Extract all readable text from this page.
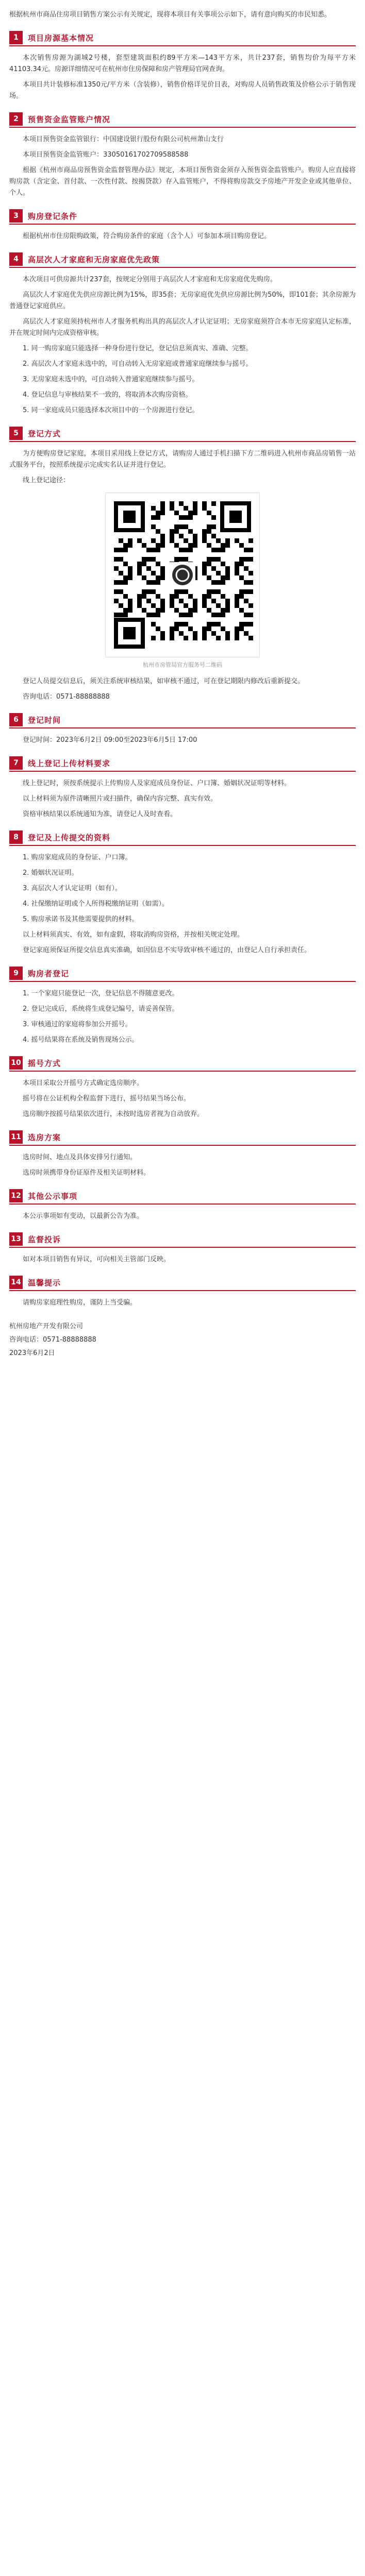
根据杭州市商品住房项目销售方案公示有关规定，现将本项目有关事项公示如下，请有意向购买的市民知悉。

1	项目房源基本情况

本次销售房源为湖城2号楼，套型建筑面积约89平方米—143平方米，共计237套，销售均价为每平方米41103.34元。房源详细情况可在杭州市住房保障和房产管理局官网查询。

本项目共计装修标准1350元/平方米（含装修），销售价格详见价目表，对购房人员销售政策及价格公示于销售现场。

2	预售资金监管账户情况

本项目预售资金监管银行：中国建设银行股份有限公司杭州萧山支行

本项目预售资金监管账户：33050161702709588588

根据《杭州市商品房预售资金监督管理办法》规定，本项目预售资金须存入预售资金监管账户。购房人应直接将购房款（含定金、首付款、一次性付款、按揭贷款）存入监管账户，不得将购房款交予房地产开发企业或其他单位、个人。

3	购房登记条件

根据杭州市住房限购政策，符合购房条件的家庭（含个人）可参加本项目购房登记。

4	高层次人才家庭和无房家庭优先政策

本次项目可供房源共计237套，按规定分别用于高层次人才家庭和无房家庭优先购房。

高层次人才家庭优先供应房源比例为15%，即35套；无房家庭优先供应房源比例为50%，即101套；其余房源为普通登记家庭供应。

高层次人才家庭须持杭州市人才服务机构出具的高层次人才认定证明；无房家庭须符合本市无房家庭认定标准，并在规定时间内完成资格审核。

1. 同一购房家庭只能选择一种身份进行登记，登记信息须真实、准确、完整。

2. 高层次人才家庭未选中的，可自动转入无房家庭或普通家庭继续参与摇号。

3. 无房家庭未选中的，可自动转入普通家庭继续参与摇号。

4. 登记信息与审核结果不一致的，将取消本次购房资格。

5. 同一家庭成员只能选择本次项目中的一个房源进行登记。

5	登记方式

为方便购房登记家庭，本项目采用线上登记方式，请购房人通过手机扫描下方二维码进入杭州市商品房销售一站式服务平台，按照系统提示完成实名认证并进行登记。

线上登记途径：

杭州市房管局官方服务号二维码

登记人员提交信息后，须关注系统审核结果，如审核不通过，可在登记期限内修改后重新提交。

咨询电话：0571-88888888

6	登记时间

登记时间：2023年6月2日 09:00至2023年6月5日 17:00

7	线上登记上传材料要求

线上登记时，须按系统提示上传购房人及家庭成员身份证、户口簿、婚姻状况证明等材料。

以上材料须为原件清晰照片或扫描件，确保内容完整、真实有效。

资格审核结果以系统通知为准，请登记人及时查看。

8	登记及上传提交的资料

1. 购房家庭成员的身份证、户口簿。

2. 婚姻状况证明。

3. 高层次人才认定证明（如有）。

4. 社保缴纳证明或个人所得税缴纳证明（如需）。

5. 购房承诺书及其他需要提供的材料。

以上材料须真实、有效，如有虚假，将取消购房资格，并按相关规定处理。

登记家庭须保证所提交信息真实准确，如因信息不实导致审核不通过的，由登记人自行承担责任。

9	购房者登记

1. 一个家庭只能登记一次，登记信息不得随意更改。

2. 登记完成后，系统将生成登记编号，请妥善保管。

3. 审核通过的家庭将参加公开摇号。

4. 摇号结果将在系统及销售现场公示。

10 摇号方式

本项目采取公开摇号方式确定选房顺序。

摇号将在公证机构全程监督下进行，摇号结果当场公布。

选房顺序按摇号结果依次进行，未按时选房者视为自动放弃。

11 选房方案

选房时间、地点及具体安排另行通知。

选房时须携带身份证原件及相关证明材料。

12 其他公示事项

本公示事项如有变动，以最新公告为准。

13 监督投诉

如对本项目销售有异议，可向相关主管部门反映。

14 温馨提示

请购房家庭理性购房，谨防上当受骗。

杭州房地产开发有限公司
咨询电话：0571-88888888
2023年6月2日
